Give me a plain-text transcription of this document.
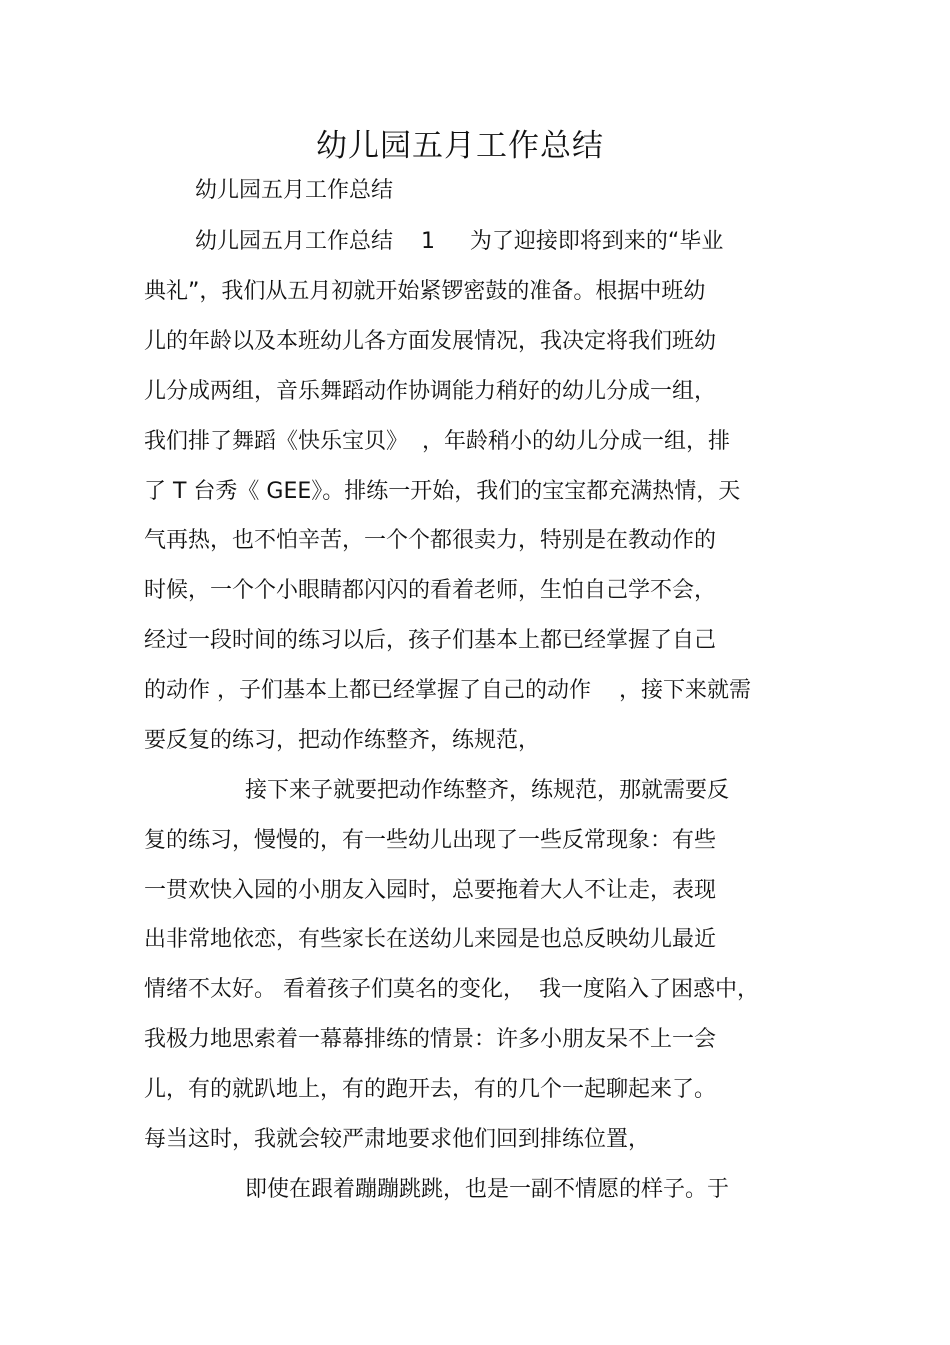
幼儿园五月工作总结
幼儿园五月工作总结
幼儿园五月工作总结    1     为了迎接即将到来的“毕业
典礼”，我们从五月初就开始紧锣密鼓的准备。根据中班幼
儿的年龄以及本班幼儿各方面发展情况，我决定将我们班幼
儿分成两组，音乐舞蹈动作协调能力稍好的幼儿分成一组，
我们排了舞蹈《快乐宝贝》  ，年龄稍小的幼儿分成一组，排
了 T 台秀《 GEE》。排练一开始，我们的宝宝都充满热情，天
气再热，也不怕辛苦，一个个都很卖力，特别是在教动作的
时候，一个个小眼睛都闪闪的看着老师，生怕自己学不会，
经过一段时间的练习以后，孩子们基本上都已经掌握了自己
的动作 ，子们基本上都已经掌握了自己的动作    ，接下来就需
要反复的练习，把动作练整齐，练规范，
接下来子就要把动作练整齐，练规范，那就需要反
复的练习，慢慢的，有一些幼儿出现了一些反常现象：有些
一贯欢快入园的小朋友入园时，总要拖着大人不让走，表现
出非常地依恋，有些家长在送幼儿来园是也总反映幼儿最近
情绪不太好。 看着孩子们莫名的变化，  我一度陷入了困惑中，
我极力地思索着一幕幕排练的情景：许多小朋友呆不上一会
儿，有的就趴地上，有的跑开去，有的几个一起聊起来了。
每当这时，我就会较严肃地要求他们回到排练位置，
即使在跟着蹦蹦跳跳，也是一副不情愿的样子。于
